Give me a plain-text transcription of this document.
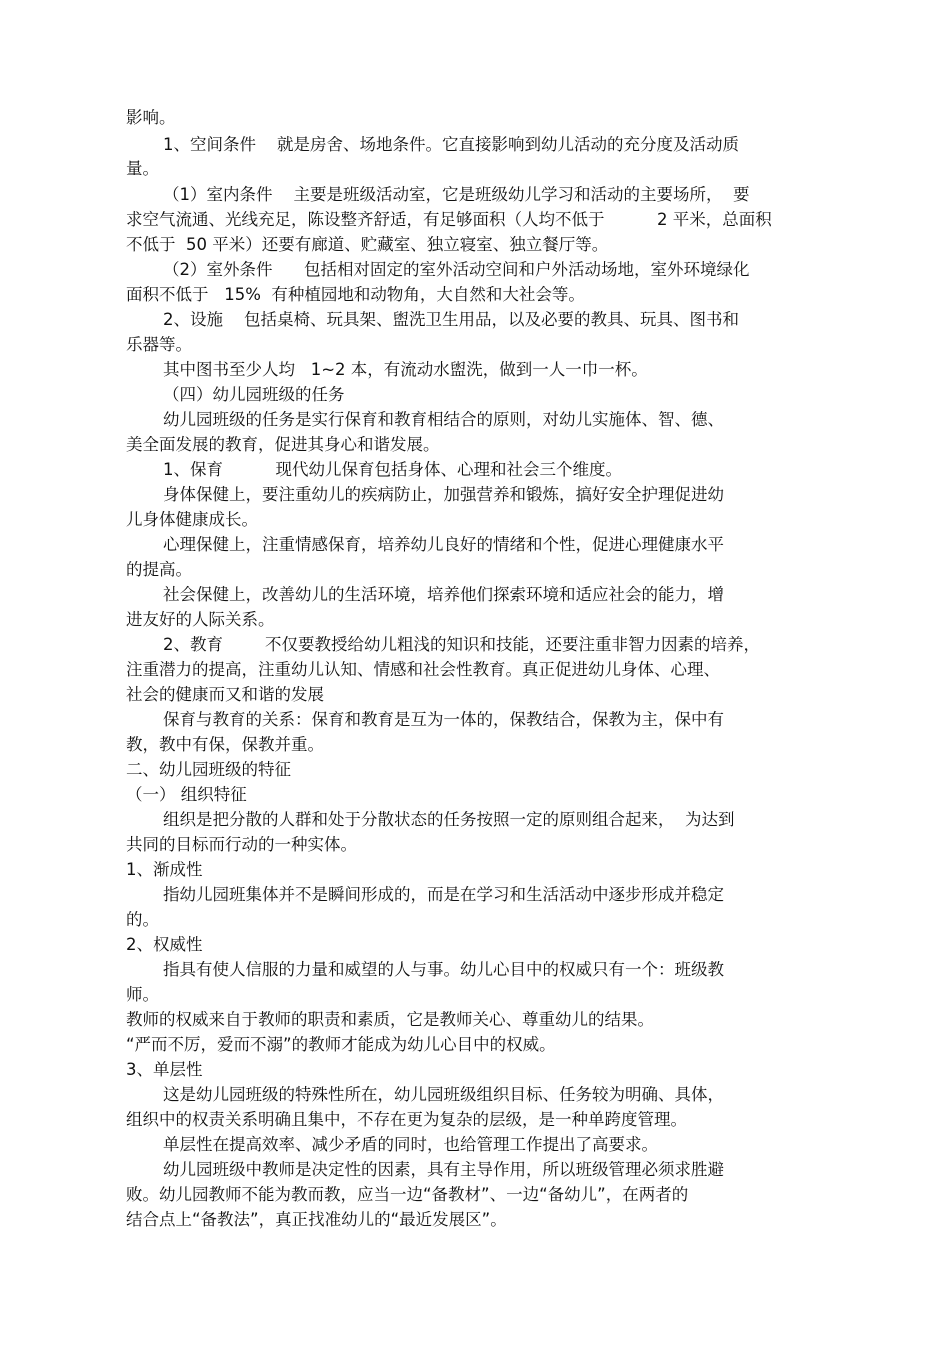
影响。
1、空间条件    就是房舍、场地条件。它直接影响到幼儿活动的充分度及活动质
量。
（1）室内条件    主要是班级活动室，它是班级幼儿学习和活动的主要场所，  要
求空气流通、光线充足，陈设整齐舒适，有足够面积（人均不低于          2 平米，总面积
不低于  50 平米）还要有廊道、贮藏室、独立寝室、独立餐厅等。
（2）室外条件      包括相对固定的室外活动空间和户外活动场地，室外环境绿化
面积不低于   15%  有种植园地和动物角，大自然和大社会等。
2、设施    包括桌椅、玩具架、盥洗卫生用品，以及必要的教具、玩具、图书和
乐器等。
其中图书至少人均   1~2 本，有流动水盥洗，做到一人一巾一杯。
（四）幼儿园班级的任务
幼儿园班级的任务是实行保育和教育相结合的原则，对幼儿实施体、智、德、
美全面发展的教育，促进其身心和谐发展。
1、保育          现代幼儿保育包括身体、心理和社会三个维度。
身体保健上，要注重幼儿的疾病防止，加强营养和锻炼，搞好安全护理促进幼
儿身体健康成长。
心理保健上，注重情感保育，培养幼儿良好的情绪和个性，促进心理健康水平
的提高。
社会保健上，改善幼儿的生活环境，培养他们探索环境和适应社会的能力，增
进友好的人际关系。
2、教育        不仅要教授给幼儿粗浅的知识和技能，还要注重非智力因素的培养，
注重潜力的提高，注重幼儿认知、情感和社会性教育。真正促进幼儿身体、心理、
社会的健康而又和谐的发展
保育与教育的关系：保育和教育是互为一体的，保教结合，保教为主，保中有
教，教中有保，保教并重。
二、幼儿园班级的特征
（一） 组织特征
组织是把分散的人群和处于分散状态的任务按照一定的原则组合起来，  为达到
共同的目标而行动的一种实体。
1、渐成性
指幼儿园班集体并不是瞬间形成的，而是在学习和生活活动中逐步形成并稳定
的。
2、权威性
指具有使人信服的力量和威望的人与事。幼儿心目中的权威只有一个：班级教
师。
教师的权威来自于教师的职责和素质，它是教师关心、尊重幼儿的结果。
“严而不厉，爱而不溺”的教师才能成为幼儿心目中的权威。
3、单层性
这是幼儿园班级的特殊性所在，幼儿园班级组织目标、任务较为明确、具体，
组织中的权责关系明确且集中，不存在更为复杂的层级，是一种单跨度管理。
单层性在提高效率、减少矛盾的同时，也给管理工作提出了高要求。
幼儿园班级中教师是决定性的因素，具有主导作用，所以班级管理必须求胜避
败。幼儿园教师不能为教而教，应当一边“备教材”、一边“备幼儿”，在两者的
结合点上“备教法”，真正找准幼儿的“最近发展区”。
